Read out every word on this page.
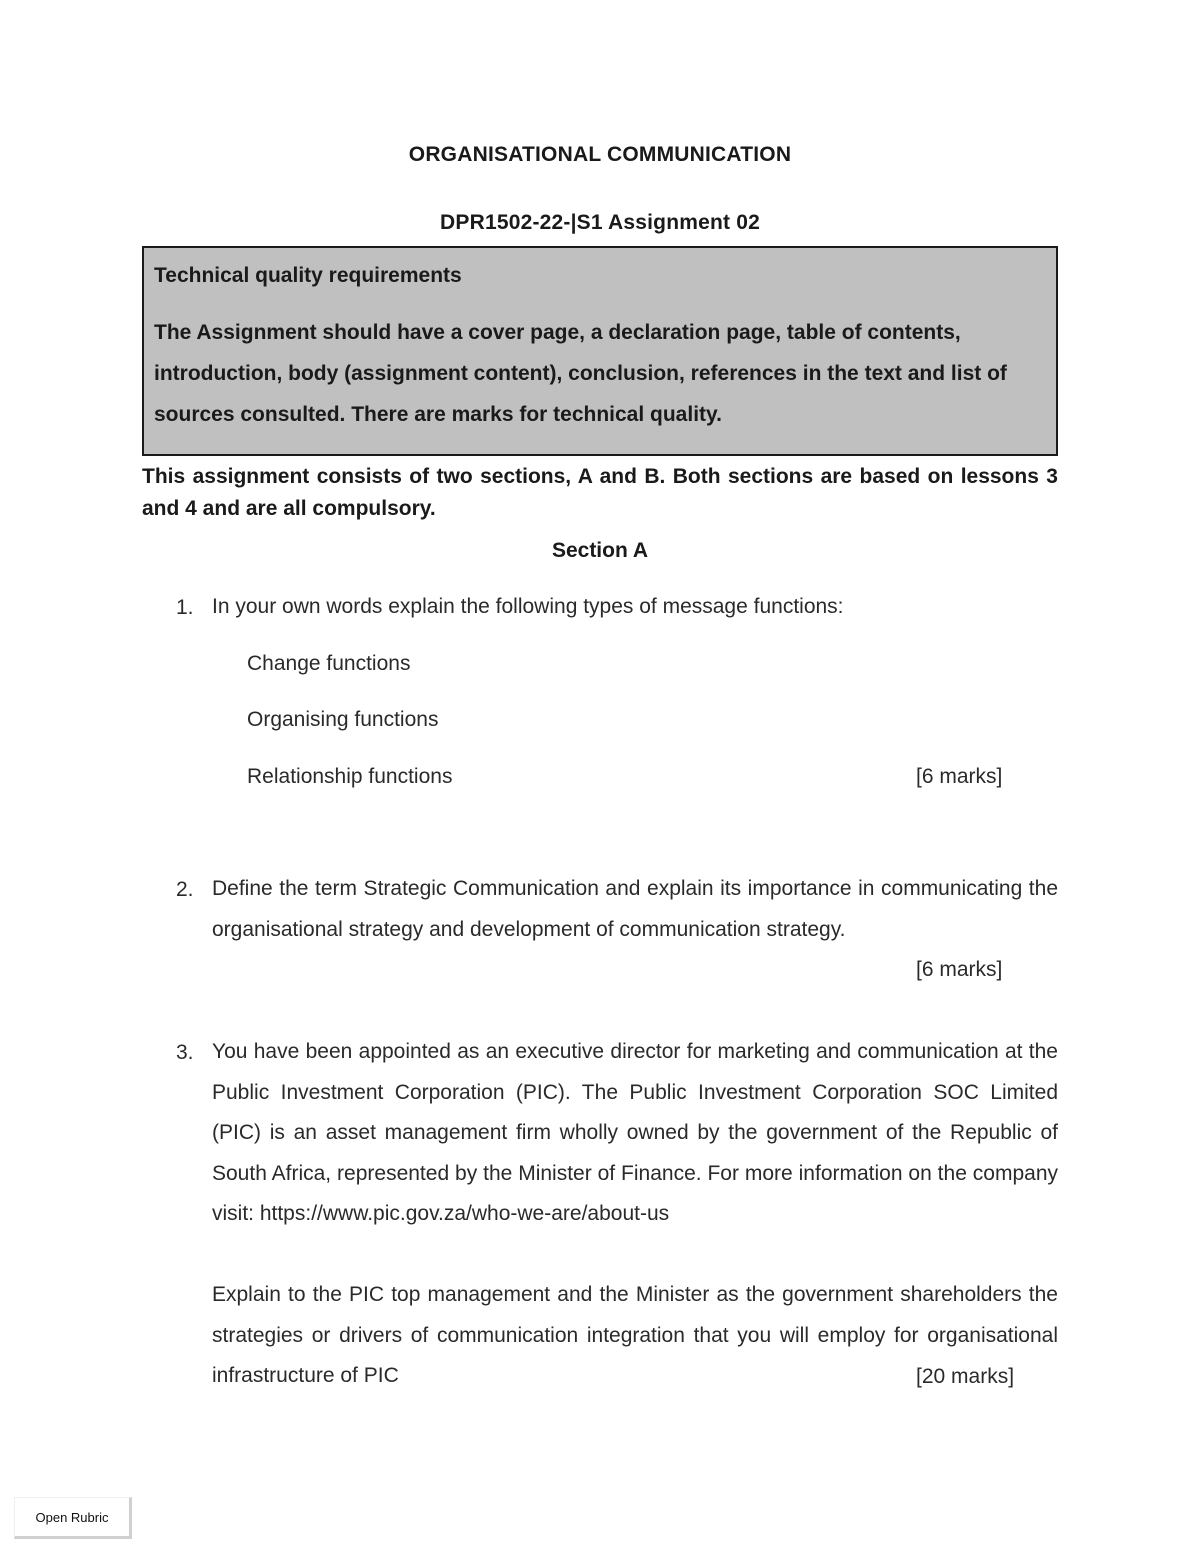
ORGANISATIONAL COMMUNICATION
DPR1502-22-|S1 Assignment 02
Technical quality requirements
The Assignment should have a cover page, a declaration page, table of contents, introduction, body (assignment content), conclusion, references in the text and list of sources consulted. There are marks for technical quality.
This assignment consists of two sections, A and B. Both sections are based on lessons 3 and 4 and are all compulsory.
Section A
1. In your own words explain the following types of message functions:
Change functions
Organising functions
Relationship functions	[6 marks]
2. Define the term Strategic Communication and explain its importance in communicating the organisational strategy and development of communication strategy.
[6 marks]
3. You have been appointed as an executive director for marketing and communication at the Public Investment Corporation (PIC). The Public Investment Corporation SOC Limited (PIC) is an asset management firm wholly owned by the government of the Republic of South Africa, represented by the Minister of Finance. For more information on the company visit: https://www.pic.gov.za/who-we-are/about-us
Explain to the PIC top management and the Minister as the government shareholders the strategies or drivers of communication integration that you will employ for organisational infrastructure of PIC	[20 marks]
Open Rubric
